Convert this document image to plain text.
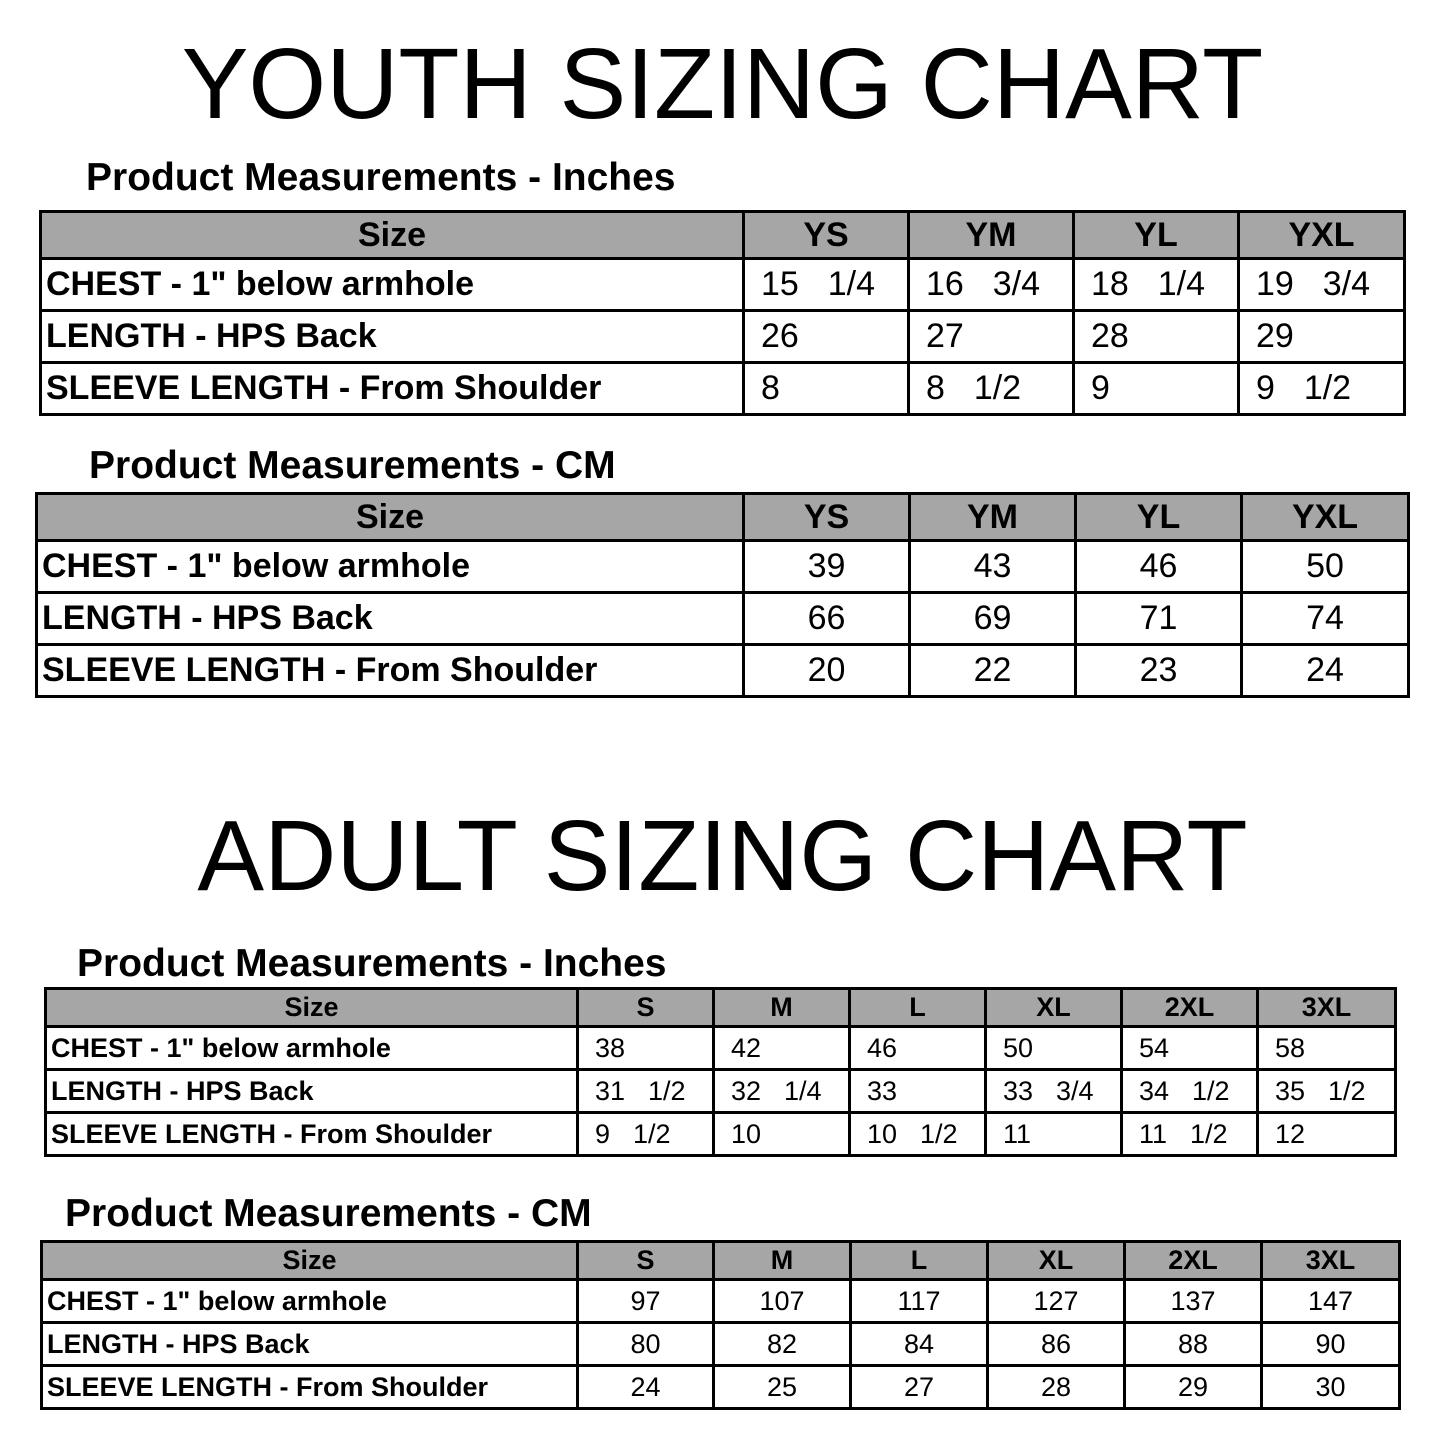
YOUTH SIZING CHART
Product Measurements - Inches
Size	YS	YM	YL	YXL
CHEST - 1" below armhole	15 1/4	16 3/4	18 1/4	19 3/4
LENGTH - HPS Back	26	27	28	29
SLEEVE LENGTH - From Shoulder	8	8 1/2	9	9 1/2
Product Measurements - CM
Size	YS	YM	YL	YXL
CHEST - 1" below armhole	39	43	46	50
LENGTH - HPS Back	66	69	71	74
SLEEVE LENGTH - From Shoulder	20	22	23	24
ADULT SIZING CHART
Product Measurements - Inches
Size	S	M	L	XL	2XL	3XL
CHEST - 1" below armhole	38	42	46	50	54	58
LENGTH - HPS Back	31 1/2	32 1/4	33	33 3/4	34 1/2	35 1/2
SLEEVE LENGTH - From Shoulder	9 1/2	10	10 1/2	11	11 1/2	12
Product Measurements - CM
Size	S	M	L	XL	2XL	3XL
CHEST - 1" below armhole	97	107	117	127	137	147
LENGTH - HPS Back	80	82	84	86	88	90
SLEEVE LENGTH - From Shoulder	24	25	27	28	29	30
